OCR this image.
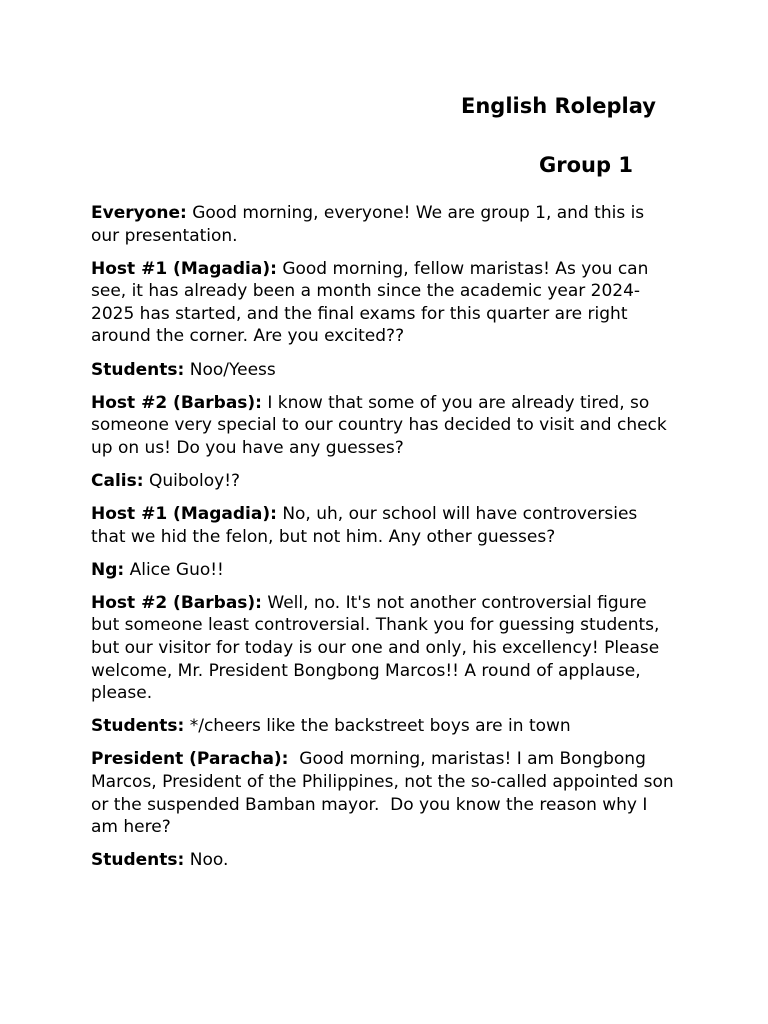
English Roleplay
Group 1

Everyone: Good morning, everyone! We are group 1, and this is our presentation.

Host #1 (Magadia): Good morning, fellow maristas! As you can see, it has already been a month since the academic year 2024-2025 has started, and the final exams for this quarter are right around the corner. Are you excited??

Students: Noo/Yeess

Host #2 (Barbas): I know that some of you are already tired, so someone very special to our country has decided to visit and check up on us! Do you have any guesses?

Calis: Quiboloy!?

Host #1 (Magadia): No, uh, our school will have controversies that we hid the felon, but not him. Any other guesses?

Ng: Alice Guo!!

Host #2 (Barbas): Well, no. It's not another controversial figure but someone least controversial. Thank you for guessing students, but our visitor for today is our one and only, his excellency! Please welcome, Mr. President Bongbong Marcos!! A round of applause, please.

Students: */cheers like the backstreet boys are in town

President (Paracha):  Good morning, maristas! I am Bongbong Marcos, President of the Philippines, not the so-called appointed son or the suspended Bamban mayor.  Do you know the reason why I am here?

Students: Noo.
